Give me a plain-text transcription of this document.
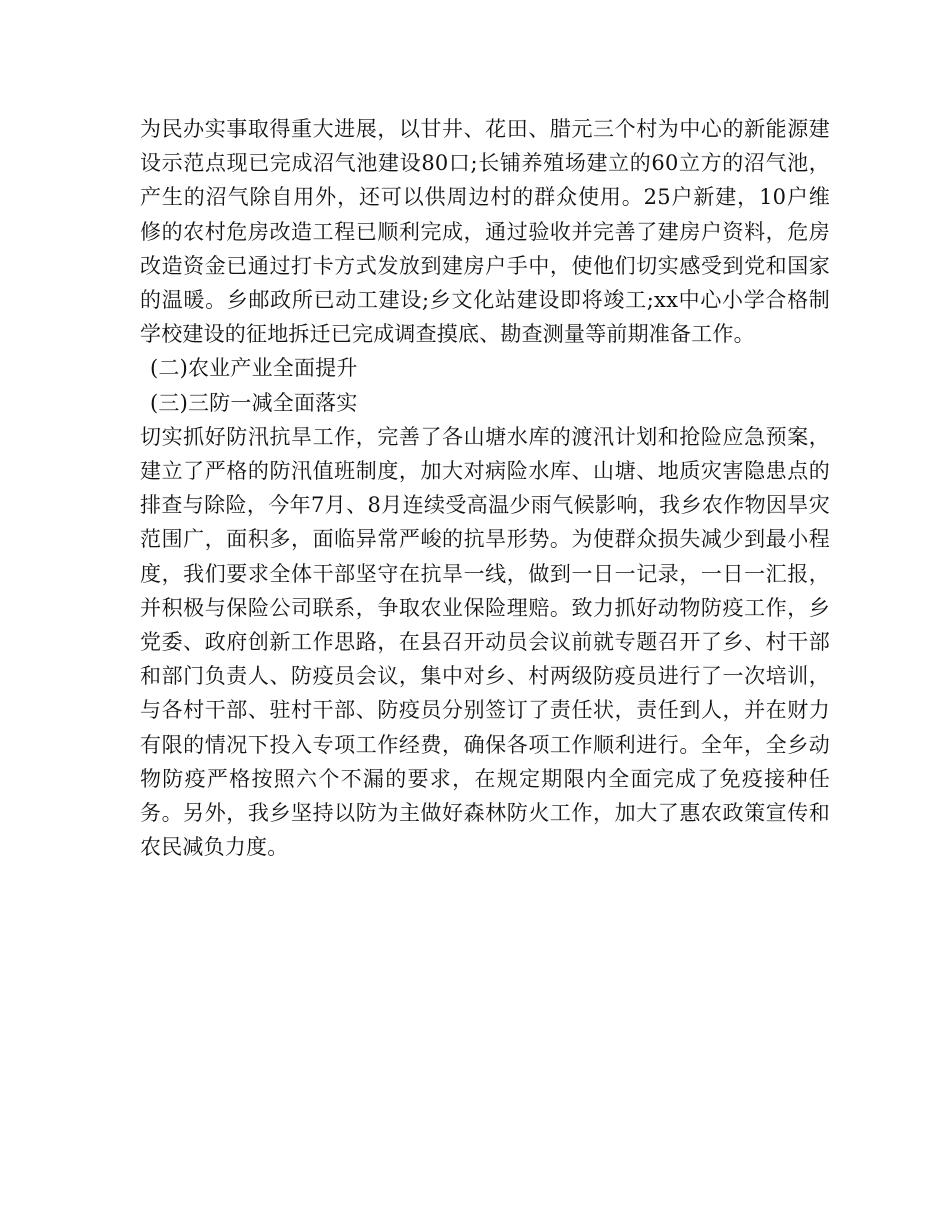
为民办实事取得重大进展，以甘井、花田、腊元三个村为中心的新能源建设示范点现已完成沼气池建设80口;长铺养殖场建立的60立方的沼气池，产生的沼气除自用外，还可以供周边村的群众使用。25户新建，10户维修的农村危房改造工程已顺利完成，通过验收并完善了建房户资料，危房改造资金已通过打卡方式发放到建房户手中，使他们切实感受到党和国家的温暖。乡邮政所已动工建设;乡文化站建设即将竣工;xx中心小学合格制学校建设的征地拆迁已完成调查摸底、勘查测量等前期准备工作。

(二)农业产业全面提升

(三)三防一减全面落实

切实抓好防汛抗旱工作，完善了各山塘水库的渡汛计划和抢险应急预案，建立了严格的防汛值班制度，加大对病险水库、山塘、地质灾害隐患点的排查与除险，今年7月、8月连续受高温少雨气候影响，我乡农作物因旱灾范围广，面积多，面临异常严峻的抗旱形势。为使群众损失减少到最小程度，我们要求全体干部坚守在抗旱一线，做到一日一记录，一日一汇报，并积极与保险公司联系，争取农业保险理赔。致力抓好动物防疫工作，乡党委、政府创新工作思路，在县召开动员会议前就专题召开了乡、村干部和部门负责人、防疫员会议，集中对乡、村两级防疫员进行了一次培训，与各村干部、驻村干部、防疫员分别签订了责任状，责任到人，并在财力有限的情况下投入专项工作经费，确保各项工作顺利进行。全年，全乡动物防疫严格按照六个不漏的要求，在规定期限内全面完成了免疫接种任务。另外，我乡坚持以防为主做好森林防火工作，加大了惠农政策宣传和农民减负力度。
